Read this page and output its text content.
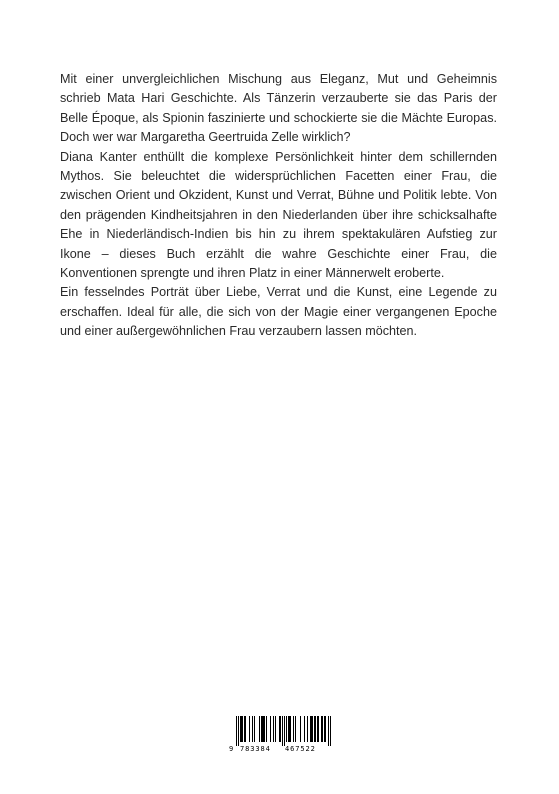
Mit einer unvergleichlichen Mischung aus Eleganz, Mut und Geheimnis schrieb Mata Hari Geschichte. Als Tänzerin verzauberte sie das Paris der Belle Époque, als Spionin faszinierte und schockierte sie die Mächte Europas. Doch wer war Margaretha Geertruida Zelle wirklich?

Diana Kanter enthüllt die komplexe Persönlichkeit hinter dem schillernden Mythos. Sie beleuchtet die widersprüchlichen Facetten einer Frau, die zwischen Orient und Okzident, Kunst und Verrat, Bühne und Politik lebte. Von den prägenden Kindheitsjahren in den Niederlanden über ihre schicksalhafte Ehe in Niederländisch-Indien bis hin zu ihrem spektakulären Aufstieg zur Ikone – dieses Buch erzählt die wahre Geschichte einer Frau, die Konventionen sprengte und ihren Platz in einer Männerwelt eroberte.

Ein fesselndes Porträt über Liebe, Verrat und die Kunst, eine Legende zu erschaffen. Ideal für alle, die sich von der Magie einer vergangenen Epoche und einer außergewöhnlichen Frau verzaubern lassen möchten.

9 783384 467522
